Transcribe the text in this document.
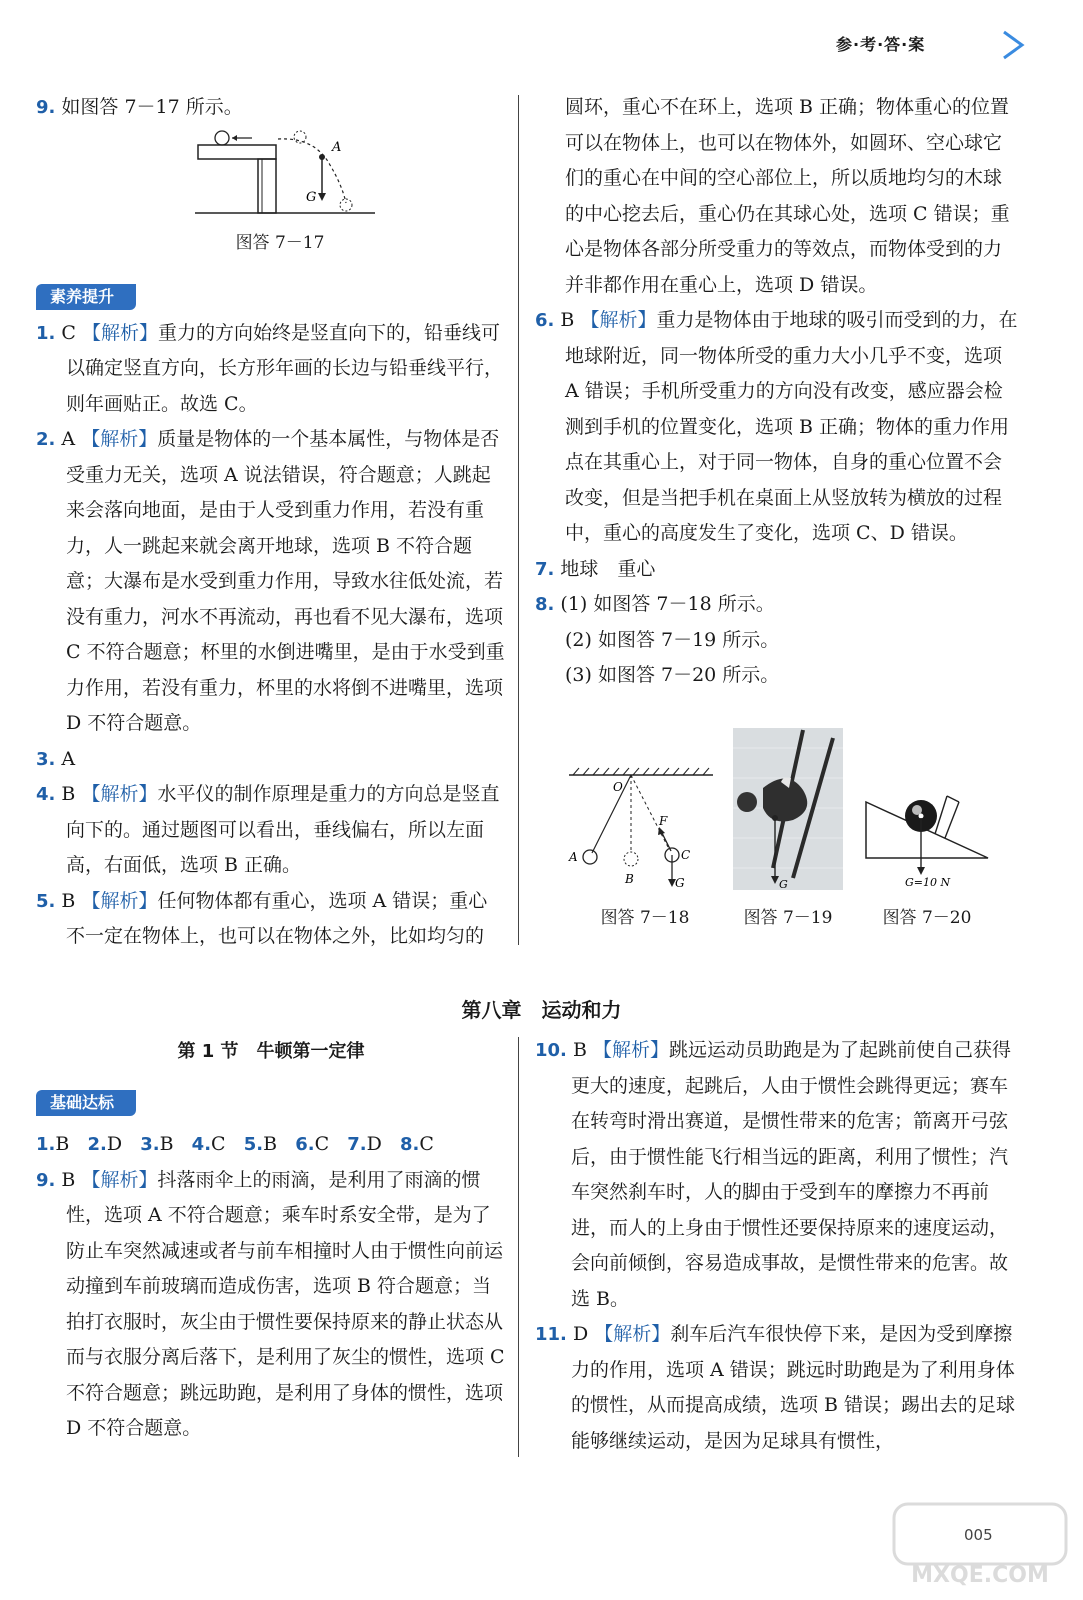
参·考·答·案

9. 如图答 7－17 所示。

素养提升

1. C 【解析】重力的方向始终是竖直向下的，铅垂线可以确定竖直方向，长方形年画的长边与铅垂线平行，则年画贴正。故选 C。

2. A 【解析】质量是物体的一个基本属性，与物体是否受重力无关，选项 A 说法错误，符合题意；人跳起来会落向地面，是由于人受到重力作用，若没有重力，人一跳起来就会离开地球，选项 B 不符合题意；大瀑布是水受到重力作用，导致水往低处流，若没有重力，河水不再流动，再也看不见大瀑布，选项 C 不符合题意；杯里的水倒进嘴里，是由于水受到重力作用，若没有重力，杯里的水将倒不进嘴里，选项 D 不符合题意。

3. A

4. B 【解析】水平仪的制作原理是重力的方向总是竖直向下的。通过题图可以看出，垂线偏右，所以左面高，右面低，选项 B 正确。

5. B 【解析】任何物体都有重心，选项 A 错误；重心不一定在物体上，也可以在物体之外，比如均匀的

A
G
图答 7－17

圆环，重心不在环上，选项 B 正确；物体重心的位置可以在物体上，也可以在物体外，如圆环、空心球它们的重心在中间的空心部位上，所以质地均匀的木球的中心挖去后，重心仍在其球心处，选项 C 错误；重心是物体各部分所受重力的等效点，而物体受到的力并非都作用在重心上，选项 D 错误。

6. B 【解析】重力是物体由于地球的吸引而受到的力，在地球附近，同一物体所受的重力大小几乎不变，选项 A 错误；手机所受重力的方向没有改变，感应器会检测到手机的位置变化，选项 B 正确；物体的重力作用点在其重心上，对于同一物体，自身的重心位置不会改变，但是当把手机在桌面上从竖放转为横放的过程中，重心的高度发生了变化，选项 C、D 错误。

7. 地球　重心

8. (1) 如图答 7－18 所示。

(2) 如图答 7－19 所示。

(3) 如图答 7－20 所示。

O
A
B
F
C
G
图答 7－18
G
图答 7－19
G=10 N
图答 7－20
第八章　运动和力
第 1 节　牛顿第一定律
基础达标

1.B 2.D 3.B 4.C 5.B 6.C 7.D 8.C

9. B 【解析】抖落雨伞上的雨滴，是利用了雨滴的惯性，选项 A 不符合题意；乘车时系安全带，是为了防止车突然减速或者与前车相撞时人由于惯性向前运动撞到车前玻璃而造成伤害，选项 B 符合题意；当拍打衣服时，灰尘由于惯性要保持原来的静止状态从而与衣服分离后落下，是利用了灰尘的惯性，选项 C 不符合题意；跳远助跑，是利用了身体的惯性，选项 D 不符合题意。

10. B 【解析】跳远运动员助跑是为了起跳前使自己获得更大的速度，起跳后，人由于惯性会跳得更远；赛车在转弯时滑出赛道，是惯性带来的危害；箭离开弓弦后，由于惯性能飞行相当远的距离，利用了惯性；汽车突然刹车时，人的脚由于受到车的摩擦力不再前进，而人的上身由于惯性还要保持原来的速度运动，会向前倾倒，容易造成事故，是惯性带来的危害。故选 B。

11. D 【解析】刹车后汽车很快停下来，是因为受到摩擦力的作用，选项 A 错误；跳远时助跑是为了利用身体的惯性，从而提高成绩，选项 B 错误；踢出去的足球能够继续运动，是因为足球具有惯性，

005
MXQE.COM
